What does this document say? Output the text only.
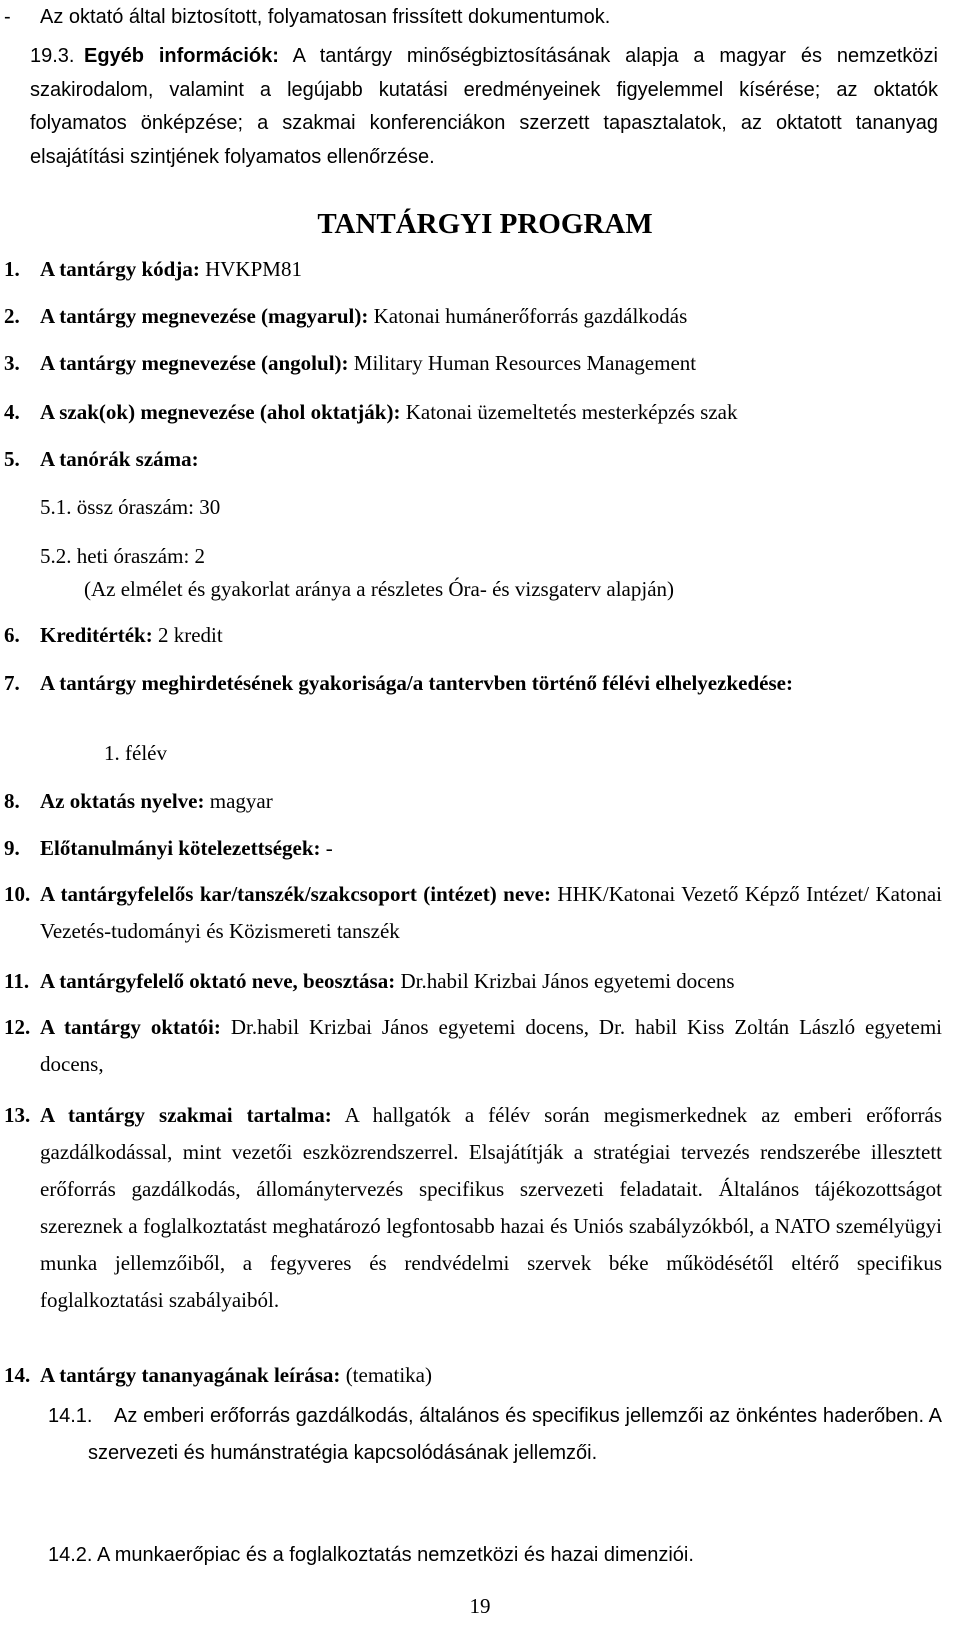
- Az oktató által biztosított, folyamatosan frissített dokumentumok.

19.3. Egyéb információk: A tantárgy minőségbiztosításának alapja a magyar és nemzetközi szakirodalom, valamint a legújabb kutatási eredményeinek figyelemmel kísérése; az oktatók folyamatos önképzése; a szakmai konferenciákon szerzett tapasztalatok, az oktatott tananyag elsajátítási szintjének folyamatos ellenőrzése.

TANTÁRGYI PROGRAM
1. A tantárgy kódja: HVKPM81
2. A tantárgy megnevezése (magyarul): Katonai humánerőforrás gazdálkodás
3. A tantárgy megnevezése (angolul): Military Human Resources Management
4. A szak(ok) megnevezése (ahol oktatják): Katonai üzemeltetés mesterképzés szak
5. A tanórák száma:
5.1. össz óraszám: 30
5.2. heti óraszám: 2
(Az elmélet és gyakorlat aránya a részletes Óra- és vizsgaterv alapján)
6. Kreditérték: 2 kredit

7. A tantárgy meghirdetésének gyakorisága/a tantervben történő félévi elhelyezkedése:

1. félév
8. Az oktatás nyelve: magyar
9. Előtanulmányi kötelezettségek: -

10. A tantárgyfelelős kar/tanszék/szakcsoport (intézet) neve: HHK/Katonai Vezető Képző Intézet/ Katonai Vezetés-tudományi és Közismereti tanszék

11. A tantárgyfelelő oktató neve, beosztása: Dr.habil Krizbai János egyetemi docens

12. A tantárgy oktatói: Dr.habil Krizbai János egyetemi docens, Dr. habil Kiss Zoltán László egyetemi docens,

13. A tantárgy szakmai tartalma: A hallgatók a félév során megismerkednek az emberi erőforrás gazdálkodással, mint vezetői eszközrendszerrel. Elsajátítják a stratégiai tervezés rendszerébe illesztett erőforrás gazdálkodás, állománytervezés specifikus szervezeti feladatait. Általános tájékozottságot szereznek a foglalkoztatást meghatározó legfontosabb hazai és Uniós szabályzókból, a NATO személyügyi munka jellemzőiből, a fegyveres és rendvédelmi szervek béke működésétől eltérő specifikus foglalkoztatási szabályaiból.

14. A tantárgy tananyagának leírása: (tematika)

14.1. Az emberi erőforrás gazdálkodás, általános és specifikus jellemzői az önkéntes haderőben. A szervezeti és humánstratégia kapcsolódásának jellemzői.

14.2. A munkaerőpiac és a foglalkoztatás nemzetközi és hazai dimenziói.
19
